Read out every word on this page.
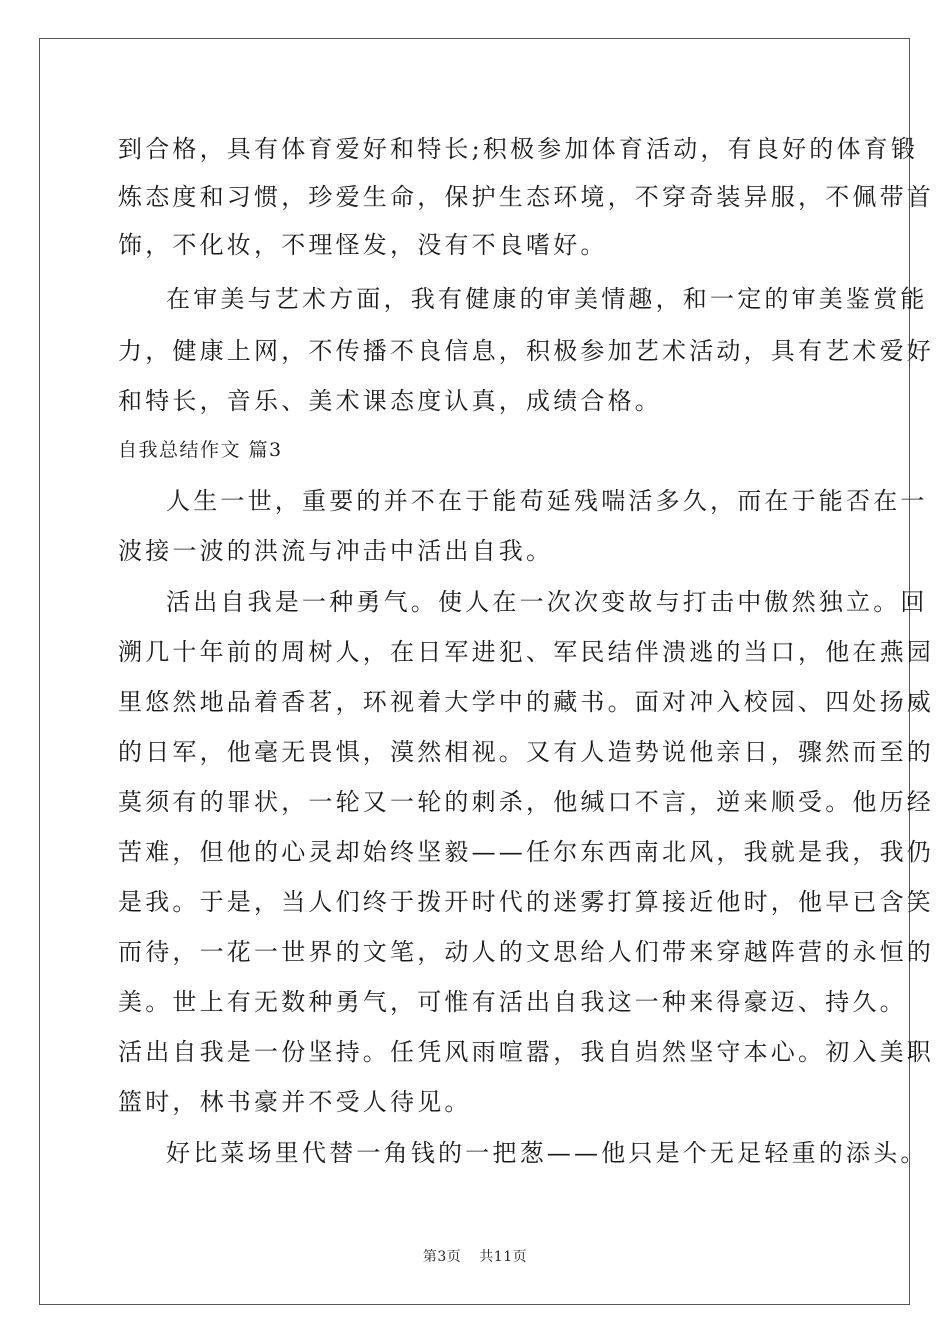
到合格，具有体育爱好和特长;积极参加体育活动，有良好的体育锻
炼态度和习惯，珍爱生命，保护生态环境，不穿奇装异服，不佩带首
饰，不化妆，不理怪发，没有不良嗜好。
在审美与艺术方面，我有健康的审美情趣，和一定的审美鉴赏能
力，健康上网，不传播不良信息，积极参加艺术活动，具有艺术爱好
和特长，音乐、美术课态度认真，成绩合格。
自我总结作文 篇3
人生一世，重要的并不在于能苟延残喘活多久，而在于能否在一
波接一波的洪流与冲击中活出自我。
活出自我是一种勇气。使人在一次次变故与打击中傲然独立。回
溯几十年前的周树人，在日军进犯、军民结伴溃逃的当口，他在燕园
里悠然地品着香茗，环视着大学中的藏书。面对冲入校园、四处扬威
的日军，他毫无畏惧，漠然相视。又有人造势说他亲日，骤然而至的
莫须有的罪状，一轮又一轮的刺杀，他缄口不言，逆来顺受。他历经
苦难，但他的心灵却始终坚毅——任尔东西南北风，我就是我，我仍
是我。于是，当人们终于拨开时代的迷雾打算接近他时，他早已含笑
而待，一花一世界的文笔，动人的文思给人们带来穿越阵营的永恒的
美。世上有无数种勇气，可惟有活出自我这一种来得豪迈、持久。
活出自我是一份坚持。任凭风雨喧嚣，我自岿然坚守本心。初入美职
篮时，林书豪并不受人待见。
好比菜场里代替一角钱的一把葱——他只是个无足轻重的添头。
第3页 共11页
